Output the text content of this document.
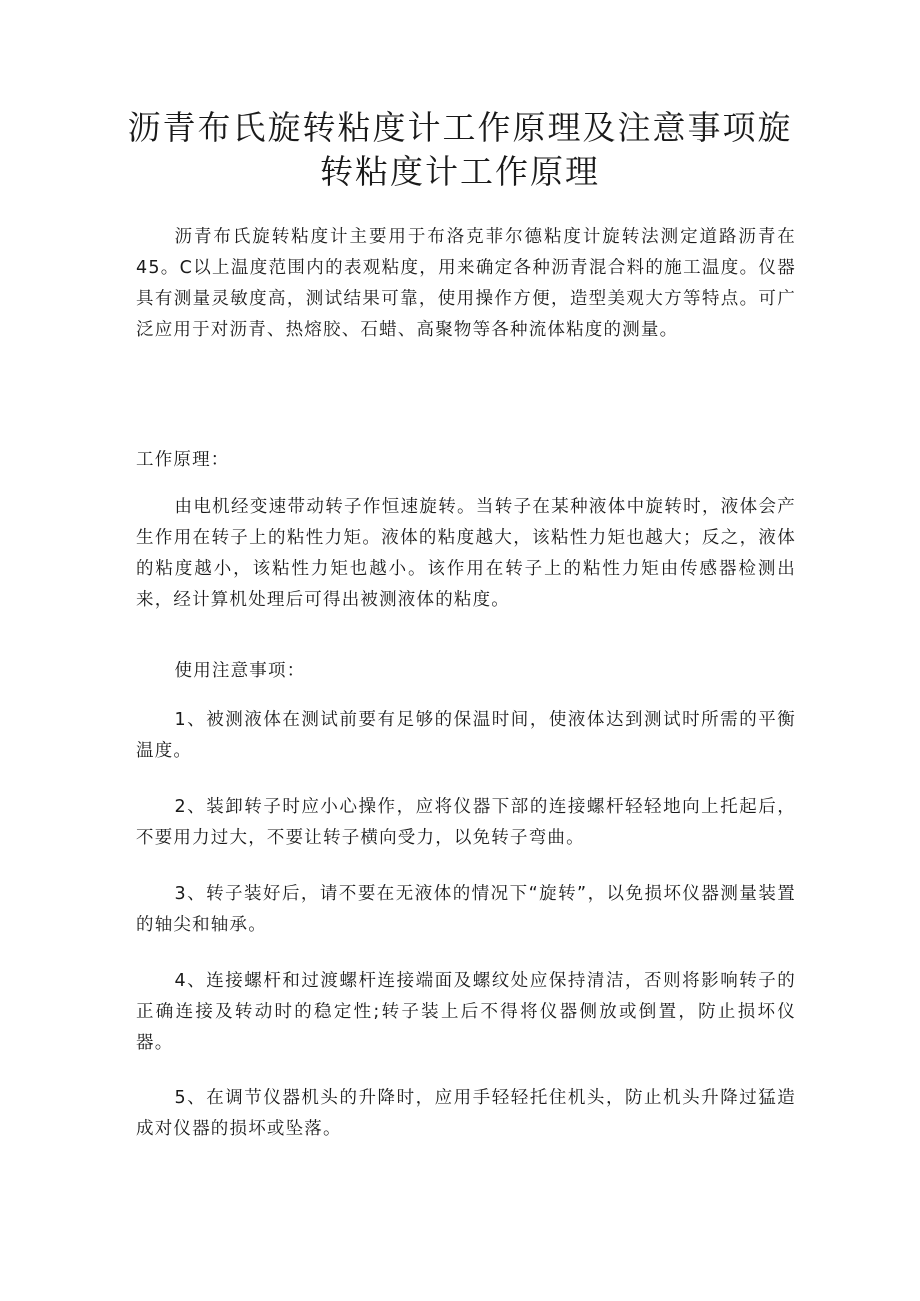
沥青布氏旋转粘度计工作原理及注意事项旋
转粘度计工作原理

沥青布氏旋转粘度计主要用于布洛克菲尔德粘度计旋转法测定道路沥青在45。C以上温度范围内的表观粘度，用来确定各种沥青混合料的施工温度。仪器具有测量灵敏度高，测试结果可靠，使用操作方便，造型美观大方等特点。可广泛应用于对沥青、热熔胶、石蜡、高聚物等各种流体粘度的测量。

工作原理：

由电机经变速带动转子作恒速旋转。当转子在某种液体中旋转时，液体会产生作用在转子上的粘性力矩。液体的粘度越大，该粘性力矩也越大；反之，液体的粘度越小，该粘性力矩也越小。该作用在转子上的粘性力矩由传感器检测出来，经计算机处理后可得出被测液体的粘度。

使用注意事项：

1、被测液体在测试前要有足够的保温时间，使液体达到测试时所需的平衡温度。

2、装卸转子时应小心操作，应将仪器下部的连接螺杆轻轻地向上托起后，不要用力过大，不要让转子横向受力，以免转子弯曲。

3、转子装好后，请不要在无液体的情况下“旋转”，以免损坏仪器测量装置的轴尖和轴承。

4、连接螺杆和过渡螺杆连接端面及螺纹处应保持清洁，否则将影响转子的正确连接及转动时的稳定性;转子装上后不得将仪器侧放或倒置，防止损坏仪器。

5、在调节仪器机头的升降时，应用手轻轻托住机头，防止机头升降过猛造成对仪器的损坏或坠落。
